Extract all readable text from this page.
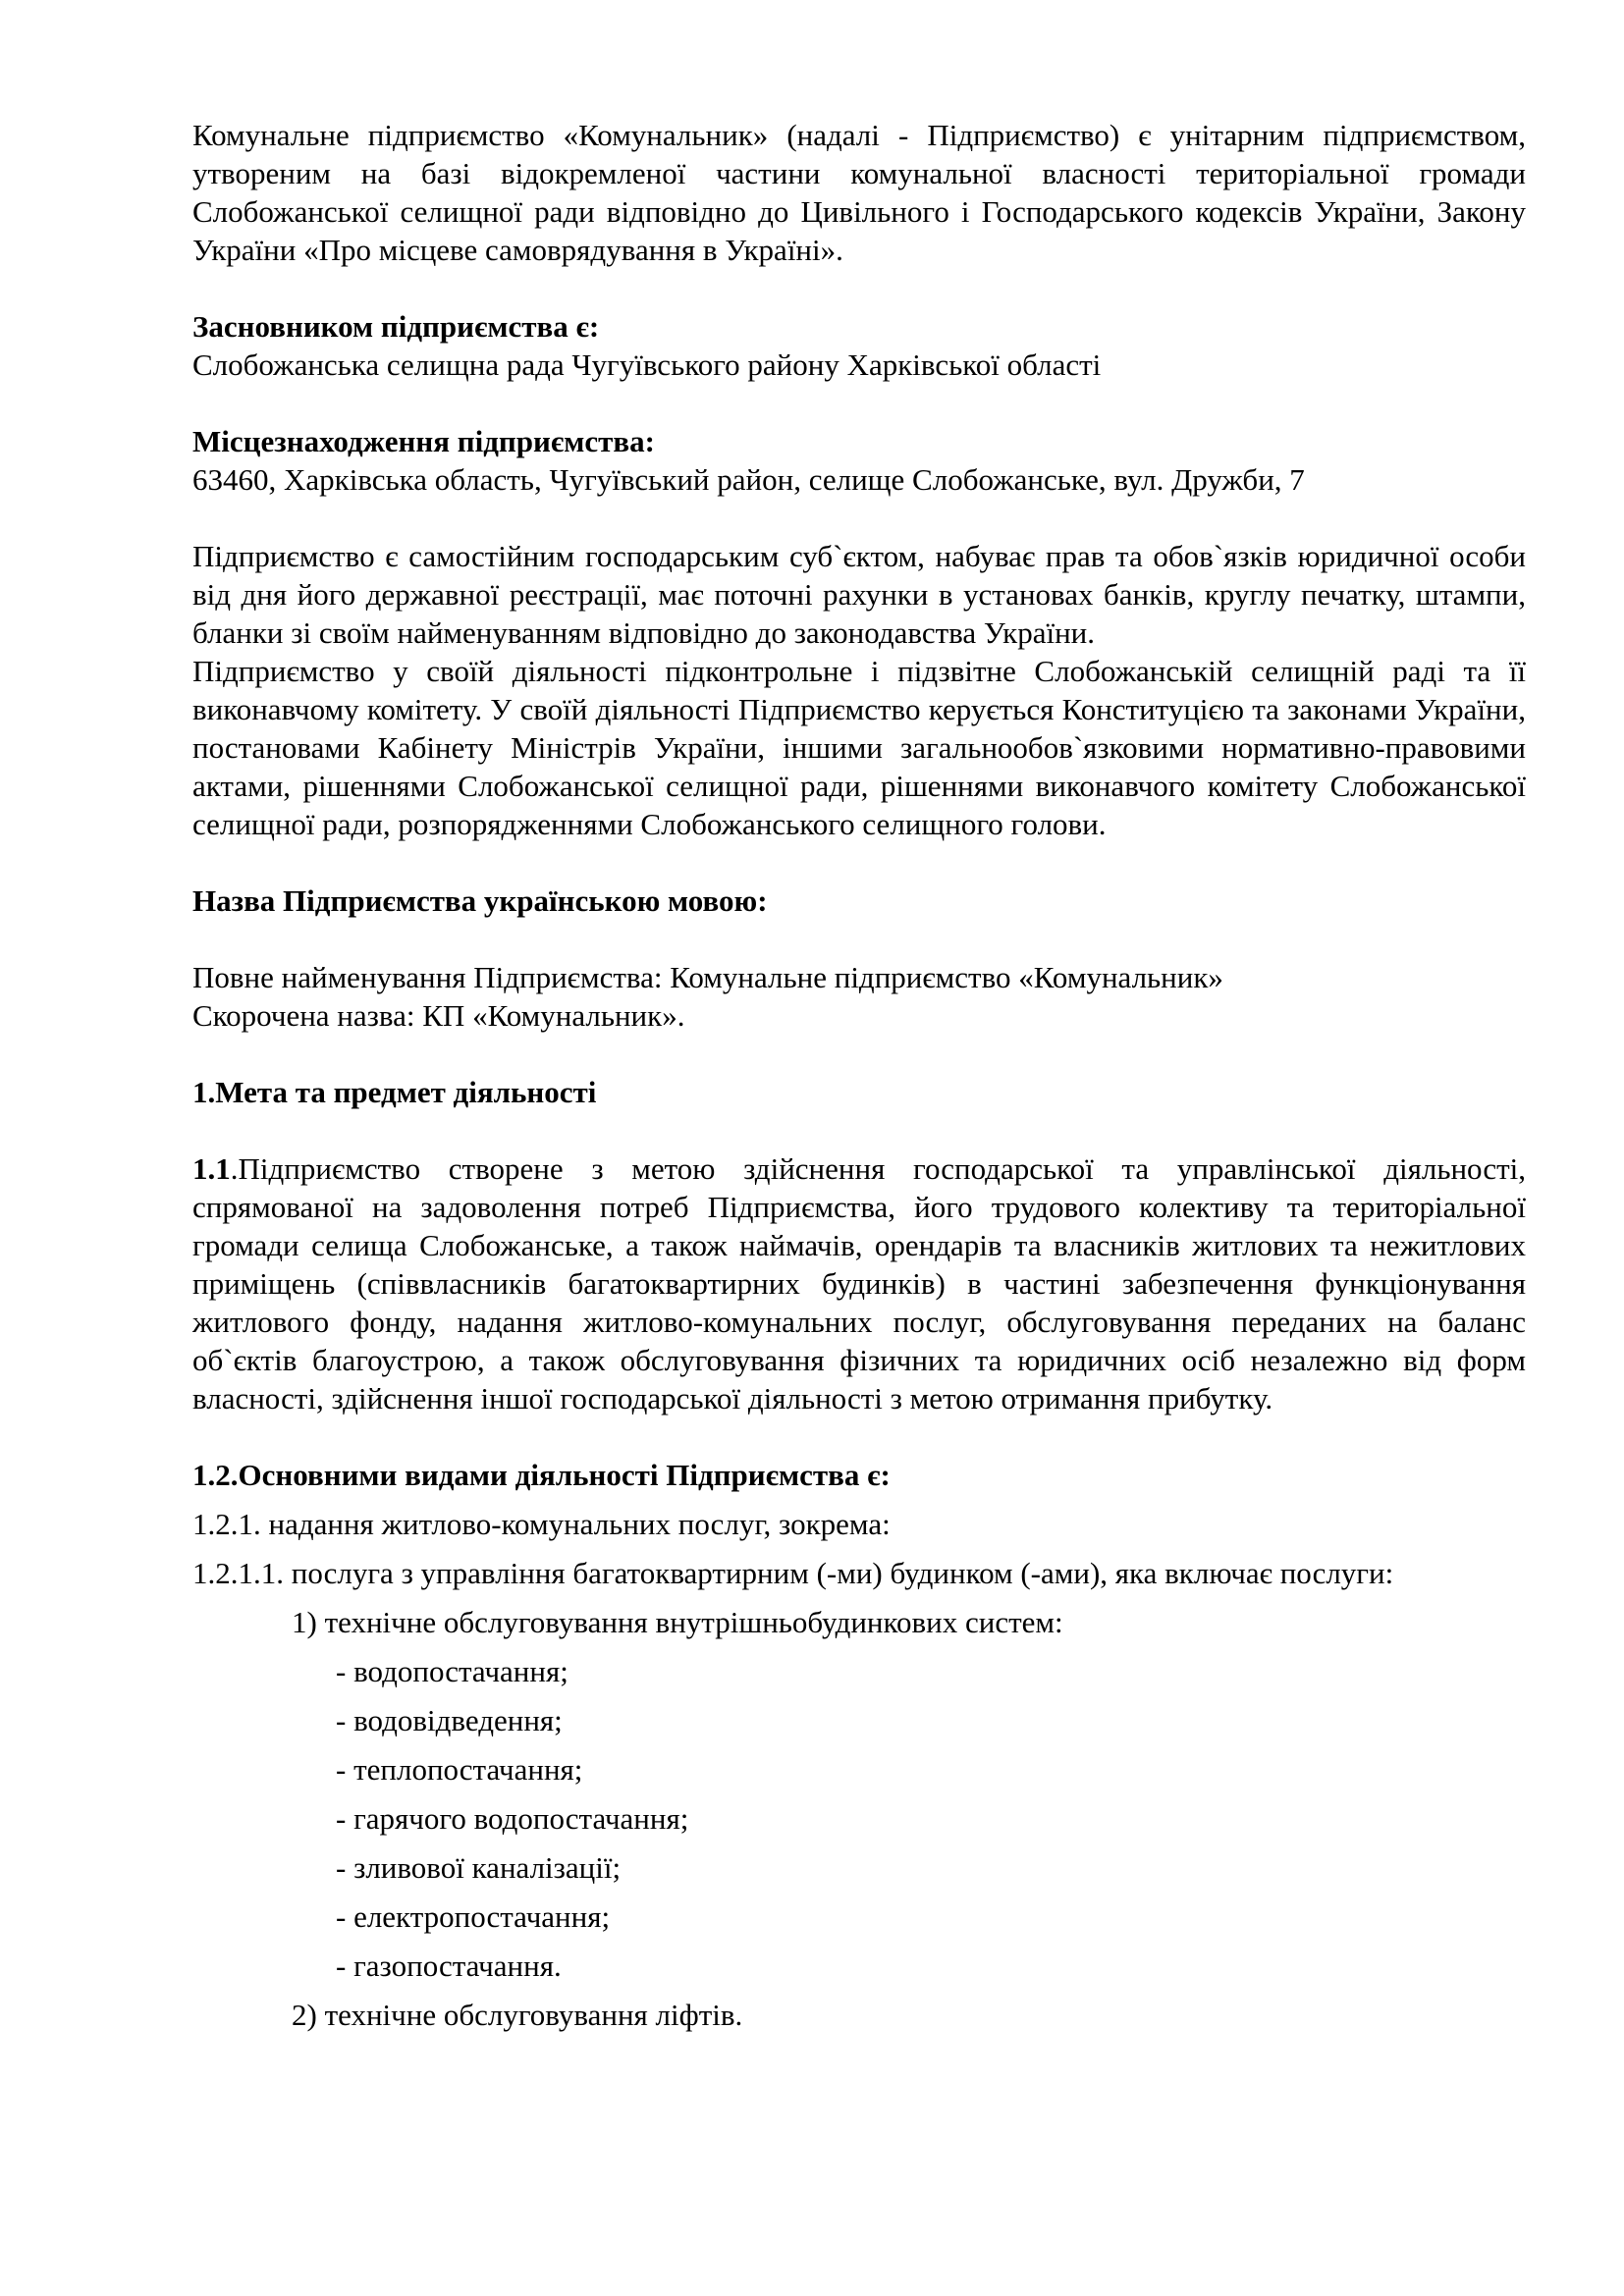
Комунальне підприємство «Комунальник» (надалі - Підприємство) є унітарним підприємством, утвореним на базі відокремленої частини комунальної власності територіальної громади Слобожанської селищної ради відповідно до Цивільного і Господарського кодексів України, Закону України «Про місцеве самоврядування в Україні».

Засновником підприємства є:

Слобожанська селищна рада Чугуївського району Харківської області

Місцезнаходження підприємства:

63460, Харківська область, Чугуївський район, селище Слобожанське, вул. Дружби, 7

Підприємство є самостійним господарським суб`єктом, набуває прав та обов`язків юридичної особи від дня його державної реєстрації, має поточні рахунки в установах банків, круглу печатку, штампи, бланки зі своїм найменуванням відповідно до законодавства України.

Підприємство у своїй діяльності підконтрольне і підзвітне Слобожанській селищній раді та її виконавчому комітету. У своїй діяльності Підприємство керується Конституцією та законами України, постановами Кабінету Міністрів України, іншими загальнообов`язковими нормативно-правовими актами, рішеннями Слобожанської селищної ради, рішеннями виконавчого комітету Слобожанської селищної ради, розпорядженнями Слобожанського селищного голови.

Назва Підприємства українською мовою:

Повне найменування Підприємства: Комунальне підприємство «Комунальник»

Скорочена назва: КП «Комунальник».

1.Мета та предмет діяльності

1.1.Підприємство створене з метою здійснення господарської та управлінської діяльності, спрямованої на задоволення потреб Підприємства, його трудового колективу та територіальної громади селища Слобожанське, а також наймачів, орендарів та власників житлових та нежитлових приміщень (співвласників багатоквартирних будинків) в частині забезпечення функціонування житлового фонду, надання житлово-комунальних послуг, обслуговування переданих на баланс об`єктів благоустрою, а також обслуговування фізичних та юридичних осіб незалежно від форм власності, здійснення іншої господарської діяльності з метою отримання прибутку.

1.2.Основними видами діяльності Підприємства є:

1.2.1. надання житлово-комунальних послуг, зокрема:

1.2.1.1. послуга з управління багатоквартирним (-ми) будинком (-ами), яка включає послуги:

1) технічне обслуговування внутрішньобудинкових систем:

- водопостачання;

- водовідведення;

- теплопостачання;

- гарячого водопостачання;

- зливової каналізації;

- електропостачання;

- газопостачання.

2) технічне обслуговування ліфтів.
